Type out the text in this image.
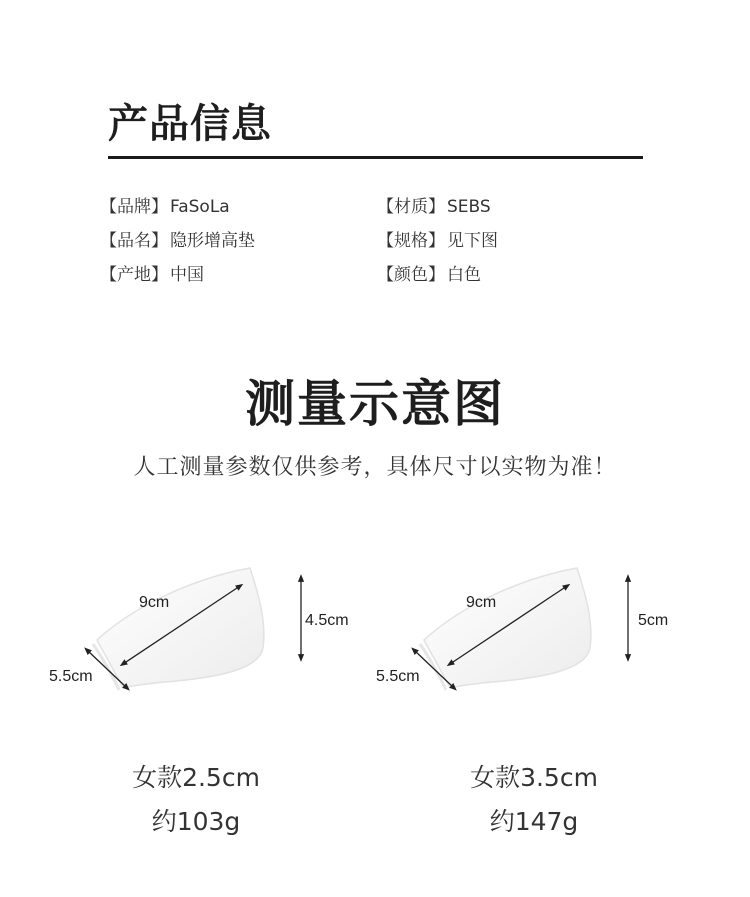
产品信息
【品牌】 FaSoLa
【品名】 隐形增高垫
【产地】 中国
【材质】 SEBS
【规格】 见下图
【颜色】 白色
测量示意图
人工测量参数仅供参考，具体尺寸以实物为准！
9cm
4.5cm
5.5cm
9cm
5cm
5.5cm
女款2.5cm
约103g
女款3.5cm
约147g
